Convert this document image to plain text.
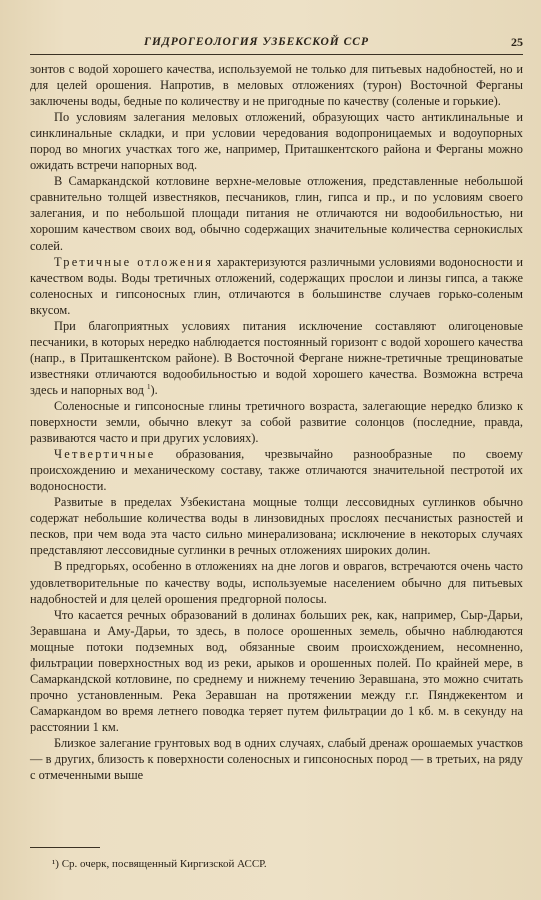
ГИДРОГЕОЛОГИЯ УЗБЕКСКОЙ ССР	25

зонтов с водой хорошего качества, используемой не только для питьевых надобностей, но и для целей орошения. Напротив, в меловых отложениях (турон) Восточной Ферганы заключены воды, бедные по количеству и не пригодные по качеству (соленые и горькие).

По условиям залегания меловых отложений, образующих часто антиклинальные и синклинальные складки, и при условии чередования водопроницаемых и водоупорных пород во многих участках того же, например, Приташкентского района и Ферганы можно ожидать встречи напорных вод.

В Самаркандской котловине верхне-меловые отложения, представленные небольшой сравнительно толщей известняков, песчаников, глин, гипса и пр., и по условиям своего залегания, и по небольшой площади питания не отличаются ни водообильностью, ни хорошим качеством своих вод, обычно содержащих значительные количества сернокислых солей.

Третичные отложения характеризуются различными условиями водоносности и качеством воды. Воды третичных отложений, содержащих прослои и линзы гипса, а также соленосных и гипсоносных глин, отличаются в большинстве случаев горько-соленым вкусом.

При благоприятных условиях питания исключение составляют олигоценовые песчаники, в которых нередко наблюдается постоянный горизонт с водой хорошего качества (напр., в Приташкентском районе). В Восточной Фергане нижне-третичные трещиноватые известняки отличаются водообильностью и водой хорошего качества. Возможна встреча здесь и напорных вод $^1$).

Соленосные и гипсоносные глины третичного возраста, залегающие нередко близко к поверхности земли, обычно влекут за собой развитие солонцов (последние, правда, развиваются часто и при других условиях).

Четвертичные образования, чрезвычайно разнообразные по своему происхождению и механическому составу, также отличаются значительной пестротой их водоносности.

Развитые в пределах Узбекистана мощные толщи лессовидных суглинков обычно содержат небольшие количества воды в линзовидных прослоях песчанистых разностей и песков, при чем вода эта часто сильно минерализована; исключение в некоторых случаях представляют лессовидные суглинки в речных отложениях широких долин.

В предгорьях, особенно в отложениях на дне логов и оврагов, встречаются очень часто удовлетворительные по качеству воды, используемые населением обычно для питьевых надобностей и для целей орошения предгорной полосы.

Что касается речных образований в долинах больших рек, как, например, Сыр-Дарьи, Зеравшана и Аму-Дарьи, то здесь, в полосе орошенных земель, обычно наблюдаются мощные потоки подземных вод, обязанные своим происхождением, несомненно, фильтрации поверхностных вод из реки, арыков и орошенных полей. По крайней мере, в Самаркандской котловине, по среднему и нижнему течению Зеравшана, это можно считать прочно установленным. Река Зеравшан на протяжении между г.г. Пянджекентом и Самаркандом во время летнего поводка теряет путем фильтрации до 1 кб. м. в секунду на расстоянии 1 км.

Близкое залегание грунтовых вод в одних случаях, слабый дренаж орошаемых участков — в других, близость к поверхности соленосных и гипсоносных пород — в третьих, на ряду с отмеченными выше

¹) Ср. очерк, посвященный Киргизской АССР.
